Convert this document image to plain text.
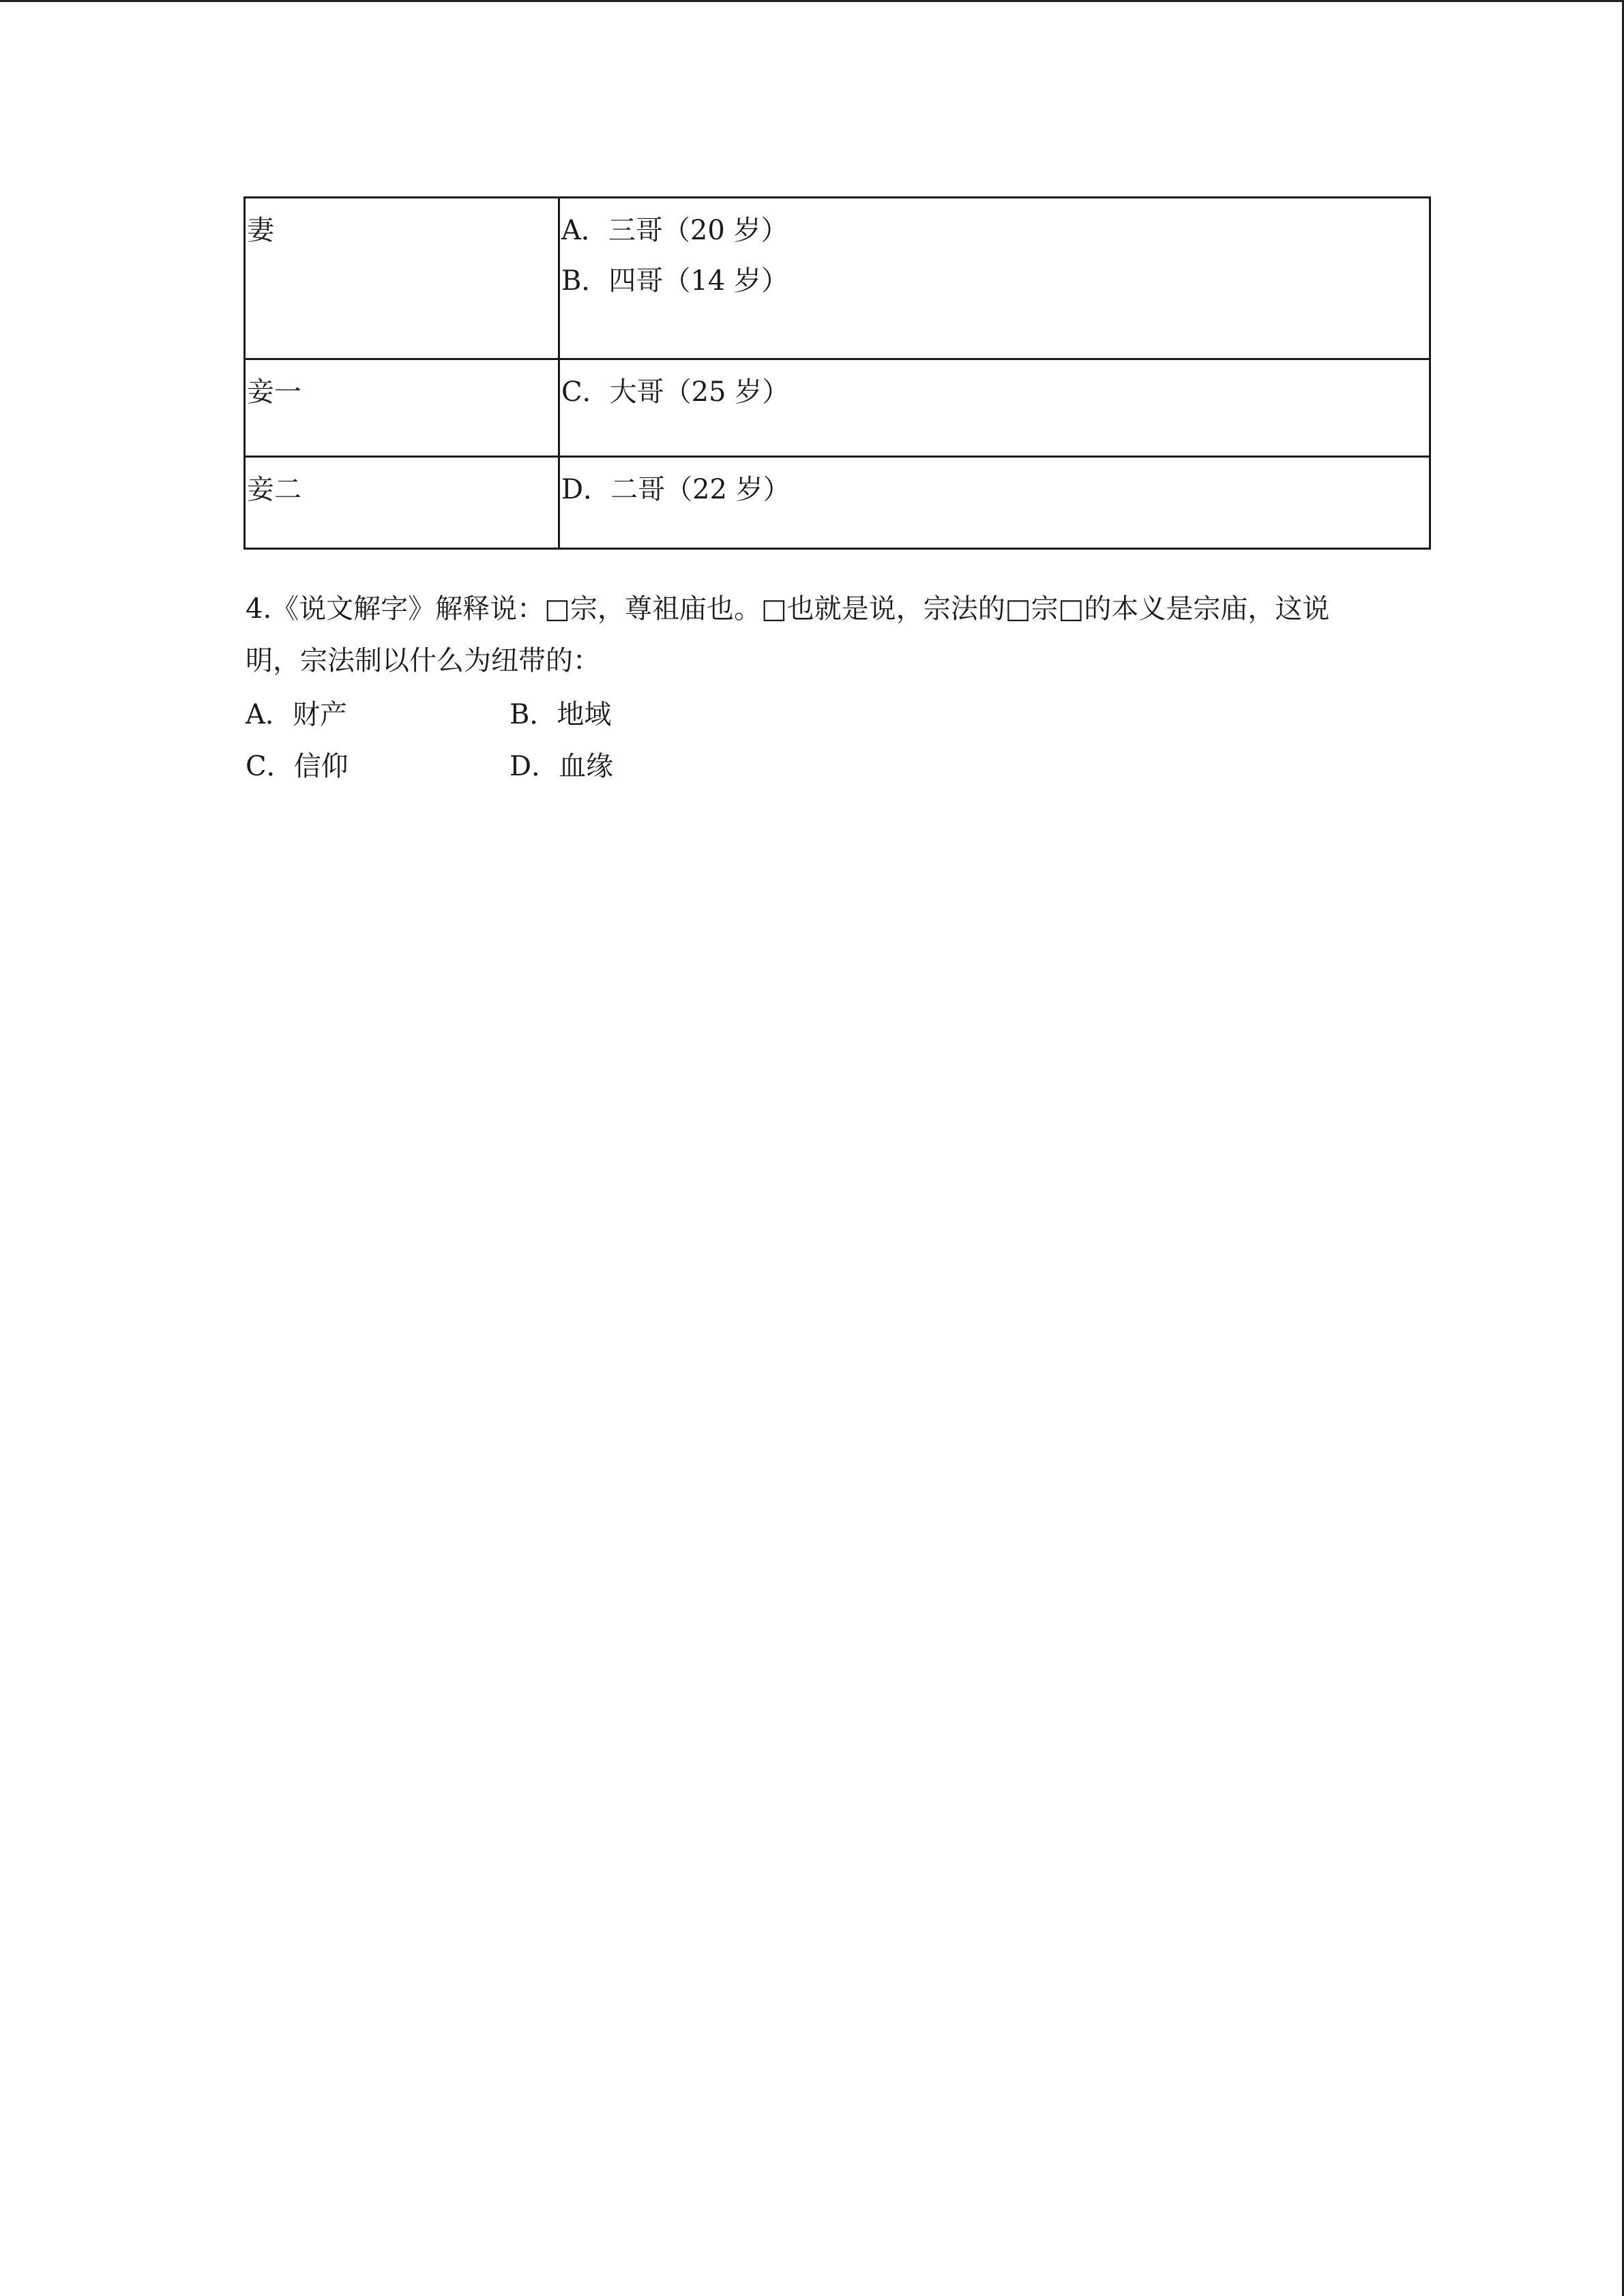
妻	A．三哥（20 岁）
B．四哥（14 岁）

妾一	C．大哥（25 岁）

妾二	D．二哥（22 岁）
4.《说文解字》解释说：□宗，尊祖庙也。□也就是说，宗法的□宗□的本义是宗庙，这说
明，宗法制以什么为纽带的：
A．财产	B．地域
C．信仰	D．血缘
